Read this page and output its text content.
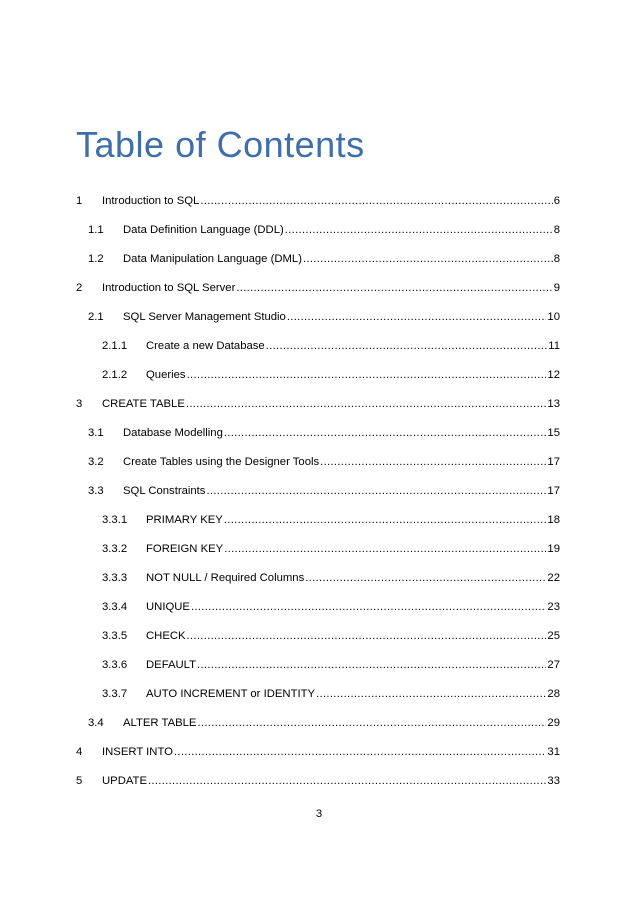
Table of Contents
1	Introduction to SQL .....	6
1.1	Data Definition Language (DDL) .....	8
1.2	Data Manipulation Language (DML) .....	8
2	Introduction to SQL Server .....	9
2.1	SQL Server Management Studio .....	10
2.1.1	Create a new Database .....	11
2.1.2	Queries .....	12
3	CREATE TABLE .....	13
3.1	Database Modelling .....	15
3.2	Create Tables using the Designer Tools .....	17
3.3	SQL Constraints .....	17
3.3.1	PRIMARY KEY .....	18
3.3.2	FOREIGN KEY .....	19
3.3.3	NOT NULL / Required Columns .....	22
3.3.4	UNIQUE .....	23
3.3.5	CHECK .....	25
3.3.6	DEFAULT .....	27
3.3.7	AUTO INCREMENT or IDENTITY .....	28
3.4	ALTER TABLE .....	29
4	INSERT INTO .....	31
5	UPDATE .....	33
3
